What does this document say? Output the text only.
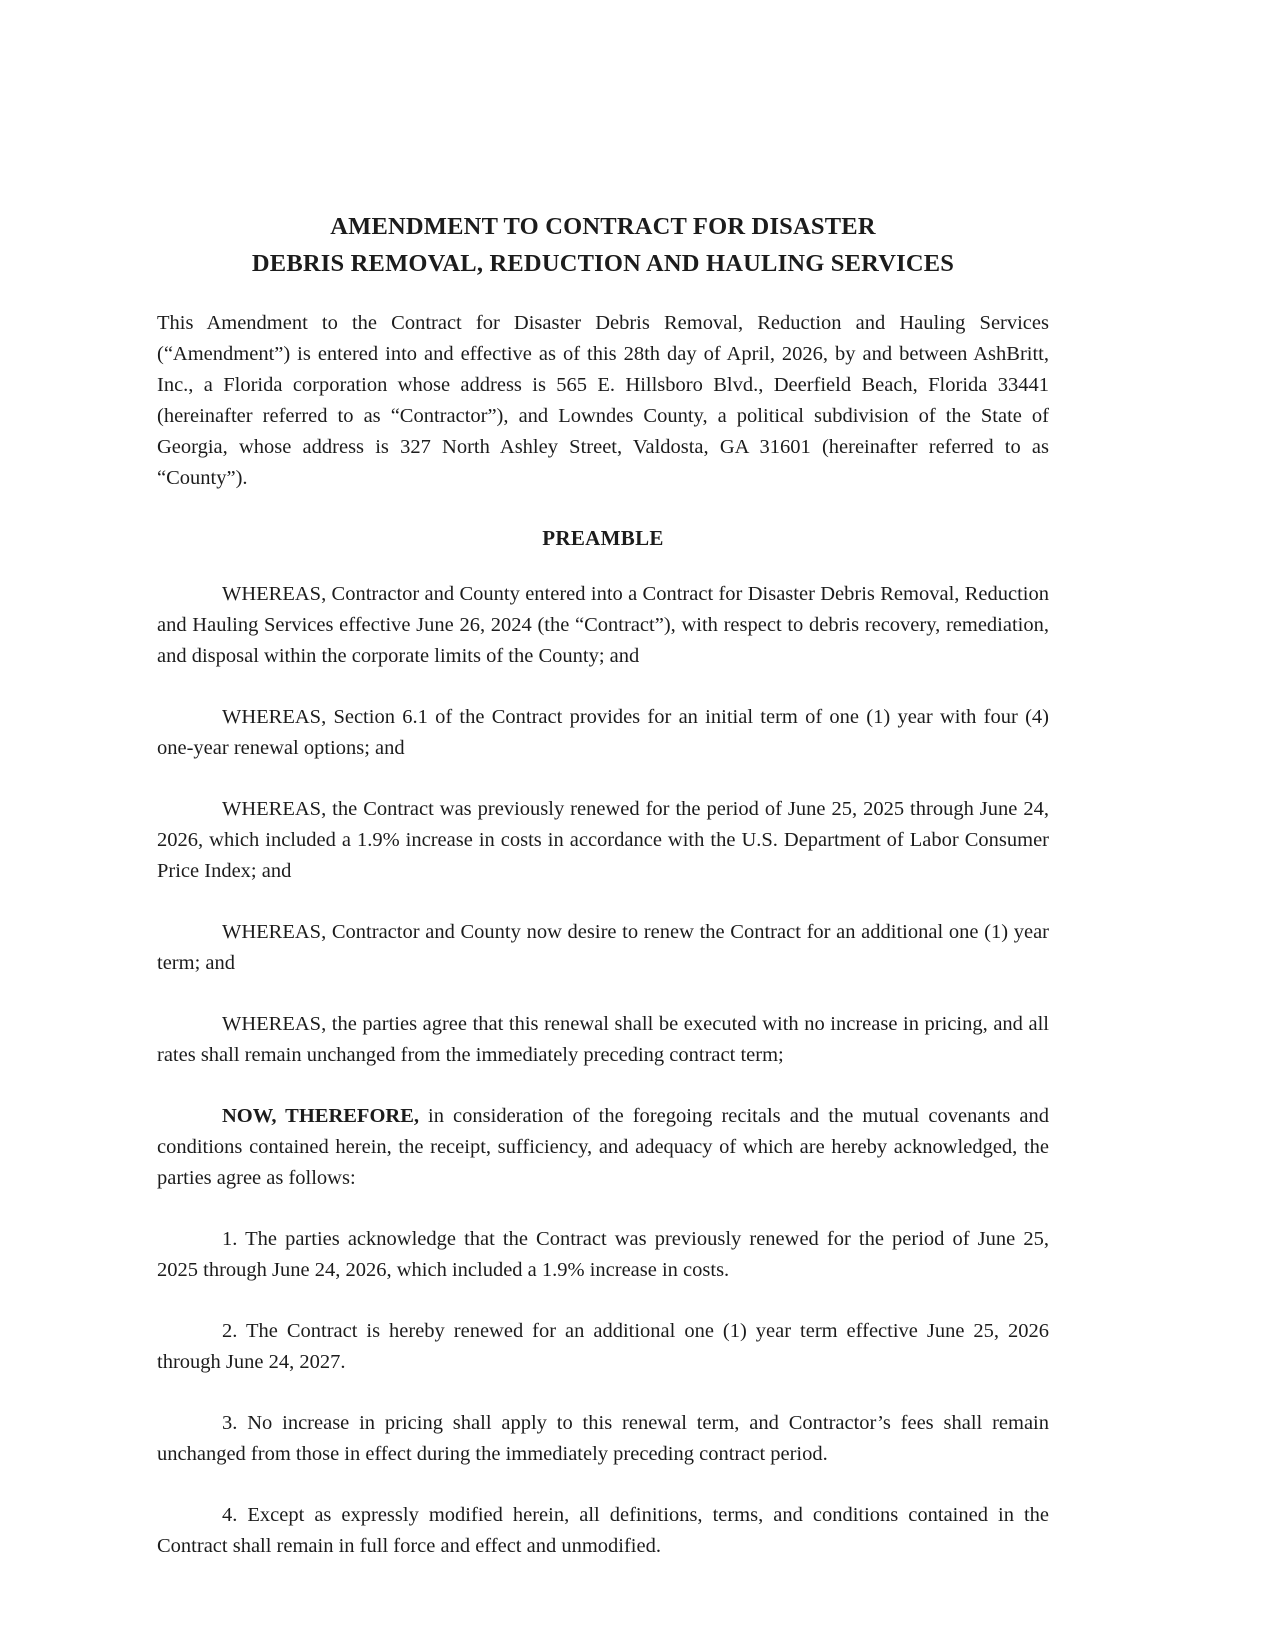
AMENDMENT TO CONTRACT FOR DISASTER
DEBRIS REMOVAL, REDUCTION AND HAULING SERVICES

This Amendment to the Contract for Disaster Debris Removal, Reduction and Hauling Services (“Amendment”) is entered into and effective as of this 28th day of April, 2026, by and between AshBritt, Inc., a Florida corporation whose address is 565 E. Hillsboro Blvd., Deerfield Beach, Florida 33441 (hereinafter referred to as “Contractor”), and Lowndes County, a political subdivision of the State of Georgia, whose address is 327 North Ashley Street, Valdosta, GA 31601 (hereinafter referred to as “County”).

PREAMBLE

WHEREAS, Contractor and County entered into a Contract for Disaster Debris Removal, Reduction and Hauling Services effective June 26, 2024 (the “Contract”), with respect to debris recovery, remediation, and disposal within the corporate limits of the County; and

WHEREAS, Section 6.1 of the Contract provides for an initial term of one (1) year with four (4) one-year renewal options; and

WHEREAS, the Contract was previously renewed for the period of June 25, 2025 through June 24, 2026, which included a 1.9% increase in costs in accordance with the U.S. Department of Labor Consumer Price Index; and

WHEREAS, Contractor and County now desire to renew the Contract for an additional one (1) year term; and

WHEREAS, the parties agree that this renewal shall be executed with no increase in pricing, and all rates shall remain unchanged from the immediately preceding contract term;

NOW, THEREFORE, in consideration of the foregoing recitals and the mutual covenants and conditions contained herein, the receipt, sufficiency, and adequacy of which are hereby acknowledged, the parties agree as follows:

1. The parties acknowledge that the Contract was previously renewed for the period of June 25, 2025 through June 24, 2026, which included a 1.9% increase in costs.

2. The Contract is hereby renewed for an additional one (1) year term effective June 25, 2026 through June 24, 2027.

3. No increase in pricing shall apply to this renewal term, and Contractor’s fees shall remain unchanged from those in effect during the immediately preceding contract period.

4. Except as expressly modified herein, all definitions, terms, and conditions contained in the Contract shall remain in full force and effect and unmodified.
